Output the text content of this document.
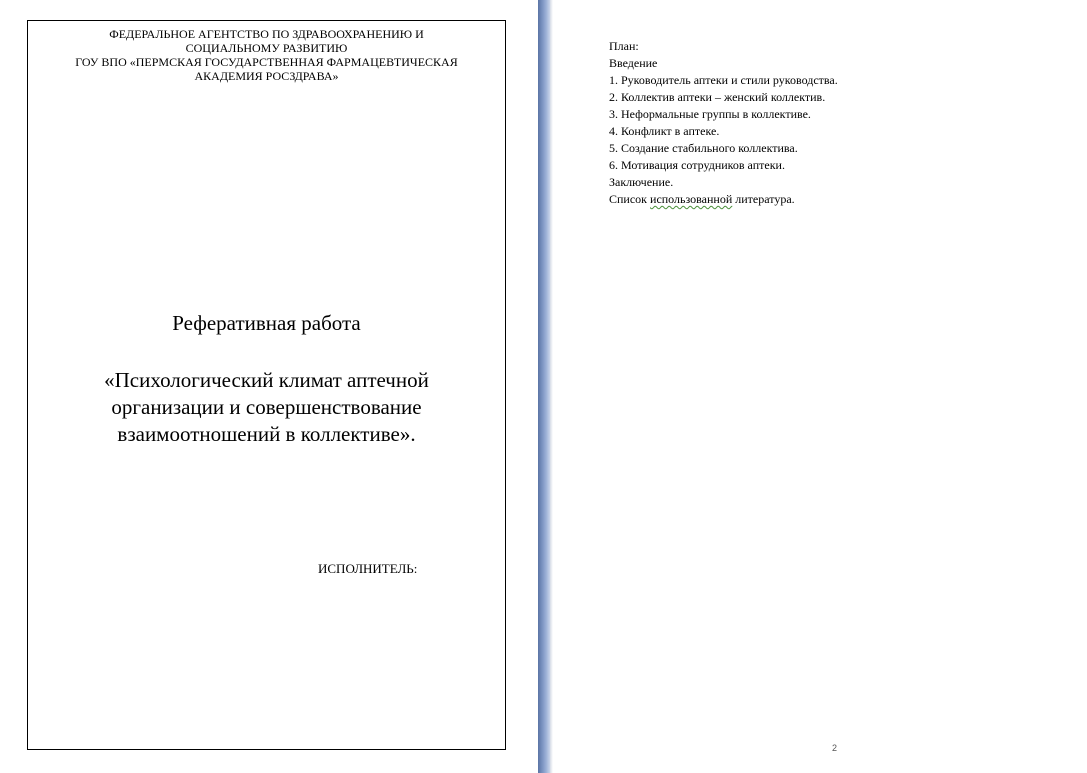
ФЕДЕРАЛЬНОЕ АГЕНТСТВО ПО ЗДРАВООХРАНЕНИЮ И
СОЦИАЛЬНОМУ РАЗВИТИЮ
ГОУ ВПО «ПЕРМСКАЯ ГОСУДАРСТВЕННАЯ ФАРМАЦЕВТИЧЕСКАЯ
АКАДЕМИЯ РОСЗДРАВА»
Реферативная работа
«Психологический климат аптечной
организации и совершенствование
взаимоотношений в коллективе».
ИСПОЛНИТЕЛЬ:
План:
Введение
1. Руководитель аптеки и стили руководства.
2. Коллектив аптеки – женский коллектив.
3. Неформальные группы в коллективе.
4. Конфликт в аптеке.
5. Создание стабильного коллектива.
6. Мотивация сотрудников аптеки.
Заключение.
Список использованной литература.
2
